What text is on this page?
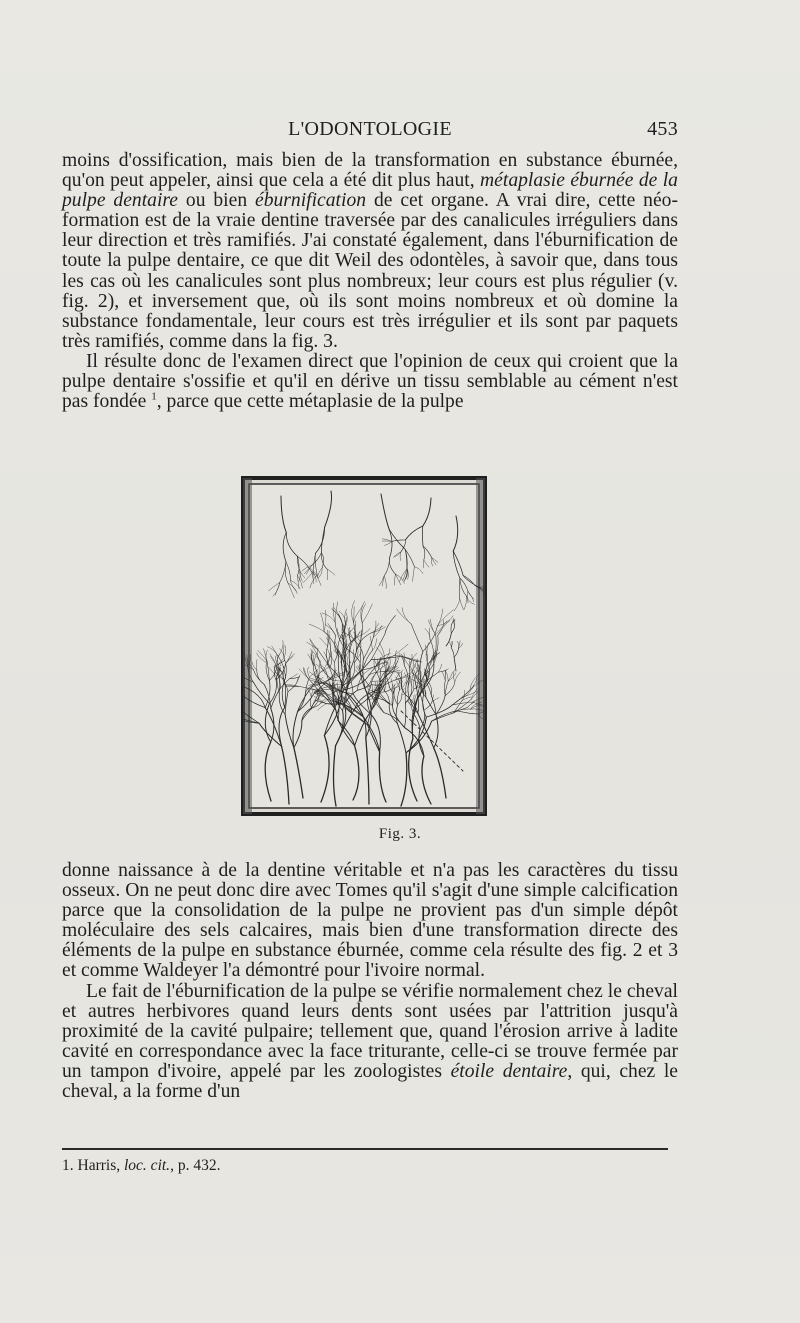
L'ODONTOLOGIE	453

moins d'ossification, mais bien de la transformation en substance éburnée, qu'on peut appeler, ainsi que cela a été dit plus haut, métaplasie éburnée de la pulpe dentaire ou bien éburnification de cet organe. A vrai dire, cette néo-formation est de la vraie dentine traversée par des canalicules irréguliers dans leur direction et très ramifiés. J'ai constaté également, dans l'éburnification de toute la pulpe dentaire, ce que dit Weil des odontèles, à savoir que, dans tous les cas où les canalicules sont plus nombreux; leur cours est plus régulier (v. fig. 2), et inversement que, où ils sont moins nombreux et où domine la substance fondamentale, leur cours est très irrégulier et ils sont par paquets très ramifiés, comme dans la fig. 3.

Il résulte donc de l'examen direct que l'opinion de ceux qui croient que la pulpe dentaire s'ossifie et qu'il en dérive un tissu semblable au cément n'est pas fondée $^1$, parce que cette métaplasie de la pulpe

Fig. 3.

donne naissance à de la dentine véritable et n'a pas les caractères du tissu osseux. On ne peut donc dire avec Tomes qu'il s'agit d'une simple calcification parce que la consolidation de la pulpe ne provient pas d'un simple dépôt moléculaire des sels calcaires, mais bien d'une transformation directe des éléments de la pulpe en substance éburnée, comme cela résulte des fig. 2 et 3 et comme Waldeyer l'a démontré pour l'ivoire normal.

Le fait de l'éburnification de la pulpe se vérifie normalement chez le cheval et autres herbivores quand leurs dents sont usées par l'attrition jusqu'à proximité de la cavité pulpaire; tellement que, quand l'érosion arrive à ladite cavité en correspondance avec la face triturante, celle-ci se trouve fermée par un tampon d'ivoire, appelé par les zoologistes étoile dentaire, qui, chez le cheval, a la forme d'un

1. Harris, loc. cit., p. 432.
